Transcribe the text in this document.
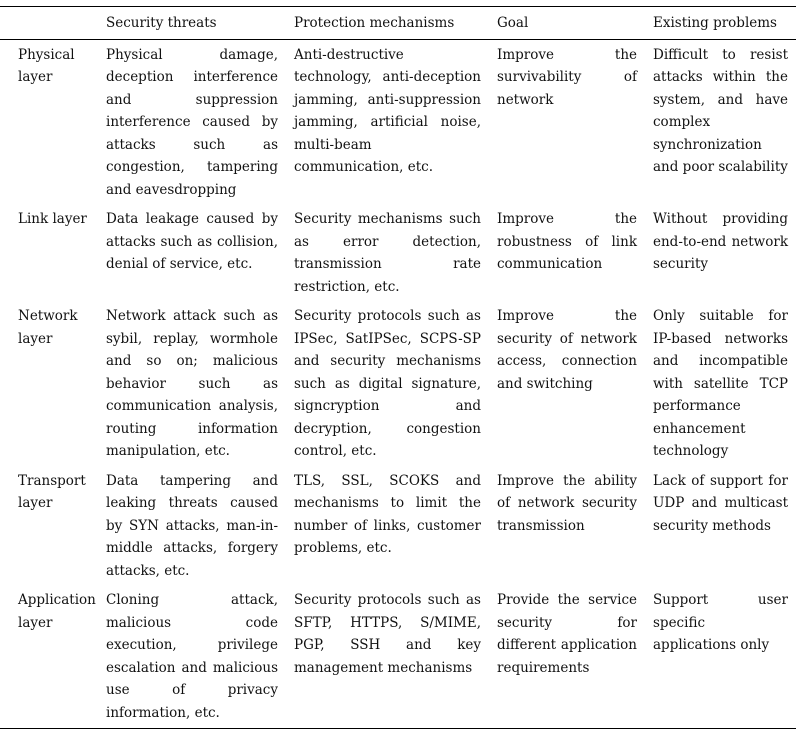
	Security threats	Protection mechanisms	Goal	Existing problems
Physical layer	Physical damage, deception interference and suppression interference caused by attacks such as congestion, tampering and eavesdropping	Anti-destructive technology, anti-deception jamming, anti-suppression jamming, artificial noise, multi-beam communication, etc.	Improve the survivability of network	Difficult to resist attacks within the system, and have complex synchronization and poor scalability
Link layer	Data leakage caused by attacks such as collision, denial of service, etc.	Security mechanisms such as error detection, transmission rate restriction, etc.	Improve the robustness of link communication	Without providing end-to-end network security
Network layer	Network attack such as sybil, replay, wormhole and so on; malicious behavior such as communication analysis, routing information manipulation, etc.	Security protocols such as IPSec, SatIPSec, SCPS-SP and security mechanisms such as digital signature, signcryption and decryption, congestion control, etc.	Improve the security of network access, connection and switching	Only suitable for IP-based networks and incompatible with satellite TCP performance enhancement technology
Transport layer	Data tampering and leaking threats caused by SYN attacks, man-in-middle attacks, forgery attacks, etc.	TLS, SSL, SCOKS and mechanisms to limit the number of links, customer problems, etc.	Improve the ability of network security transmission	Lack of support for UDP and multicast security methods
Application layer	Cloning attack, malicious code execution, privilege escalation and malicious use of privacy information, etc.	Security protocols such as SFTP, HTTPS, S/MIME, PGP, SSH and key management mechanisms	Provide the service security for different application requirements	Support user specific applications only
